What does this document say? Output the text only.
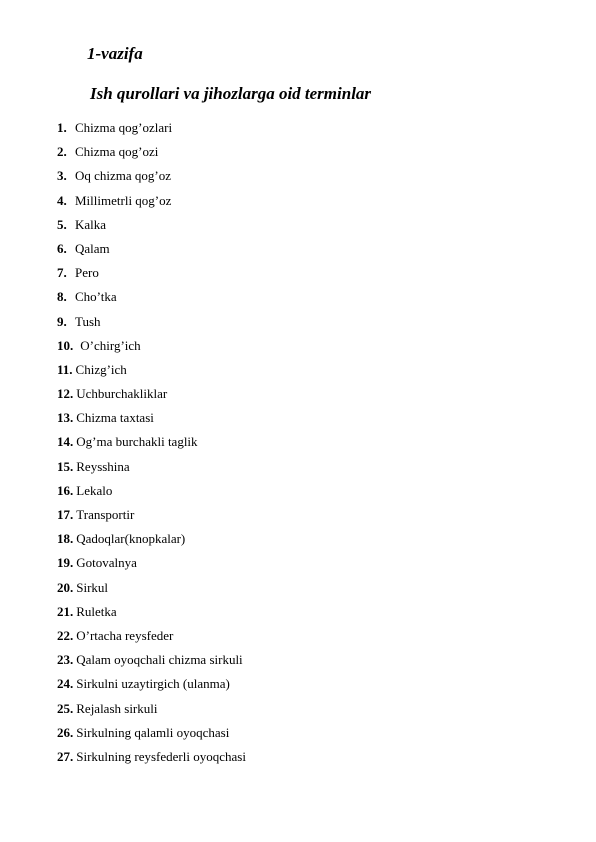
1-vazifa
Ish qurollari va jihozlarga oid terminlar
1. Chizma qog’ozlari
2. Chizma qog’ozi
3. Oq chizma qog’oz
4. Millimetrli qog’oz
5. Kalka
6. Qalam
7. Pero
8. Cho’tka
9. Tush
10. O’chirg’ich
11. Chizg’ich
12. Uchburchakliklar
13. Chizma taxtasi
14. Og’ma burchakli taglik
15. Reysshina
16. Lekalo
17. Transportir
18. Qadoqlar(knopkalar)
19. Gotovalnya
20. Sirkul
21. Ruletka
22. O’rtacha reysfeder
23. Qalam oyoqchali chizma sirkuli
24. Sirkulni uzaytirgich (ulanma)
25. Rejalash sirkuli
26. Sirkulning qalamli oyoqchasi
27. Sirkulning reysfederli oyoqchasi
